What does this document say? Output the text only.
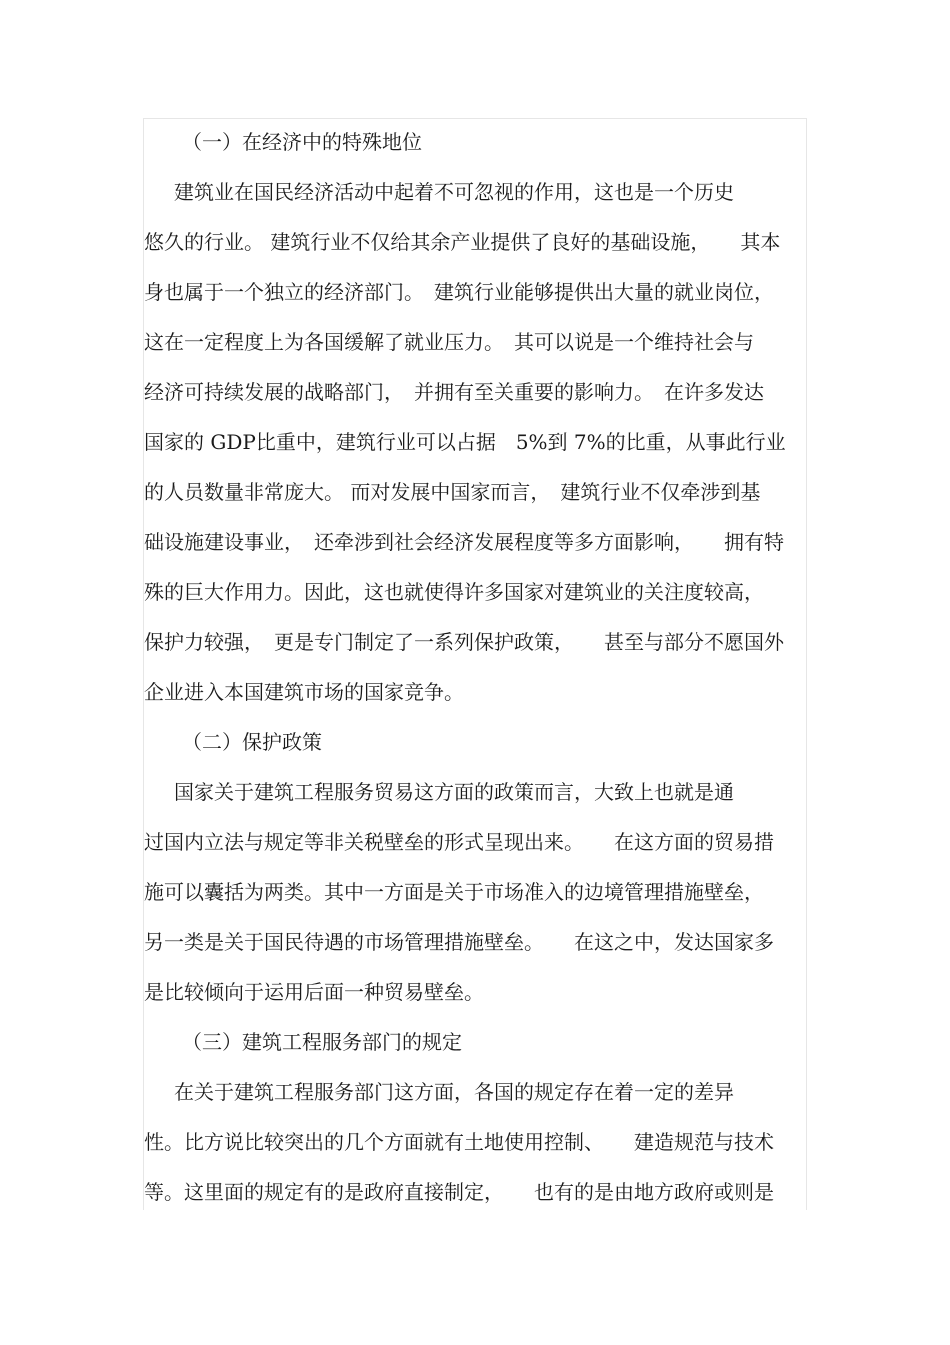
（一）在经济中的特殊地位
建筑业在国民经济活动中起着不可忽视的作用，这也是一个历史
悠久的行业。 建筑行业不仅给其余产业提供了良好的基础设施，　　其本
身也属于一个独立的经济部门。　建筑行业能够提供出大量的就业岗位，
这在一定程度上为各国缓解了就业压力。　其可以说是一个维持社会与
经济可持续发展的战略部门，　并拥有至关重要的影响力。　在许多发达
国家的 GDP比重中，建筑行业可以占据　5%到 7%的比重，从事此行业
的人员数量非常庞大。 而对发展中国家而言，　建筑行业不仅牵涉到基
础设施建设事业，　还牵涉到社会经济发展程度等多方面影响，　　拥有特
殊的巨大作用力。因此，这也就使得许多国家对建筑业的关注度较高，
保护力较强，　更是专门制定了一系列保护政策，　　甚至与部分不愿国外
企业进入本国建筑市场的国家竞争。
（二）保护政策
国家关于建筑工程服务贸易这方面的政策而言，大致上也就是通
过国内立法与规定等非关税壁垒的形式呈现出来。　　在这方面的贸易措
施可以囊括为两类。其中一方面是关于市场准入的边境管理措施壁垒，
另一类是关于国民待遇的市场管理措施壁垒。　　在这之中，发达国家多
是比较倾向于运用后面一种贸易壁垒。
（三）建筑工程服务部门的规定
在关于建筑工程服务部门这方面，各国的规定存在着一定的差异
性。比方说比较突出的几个方面就有土地使用控制、　　建造规范与技术
等。这里面的规定有的是政府直接制定，　　也有的是由地方政府或则是
